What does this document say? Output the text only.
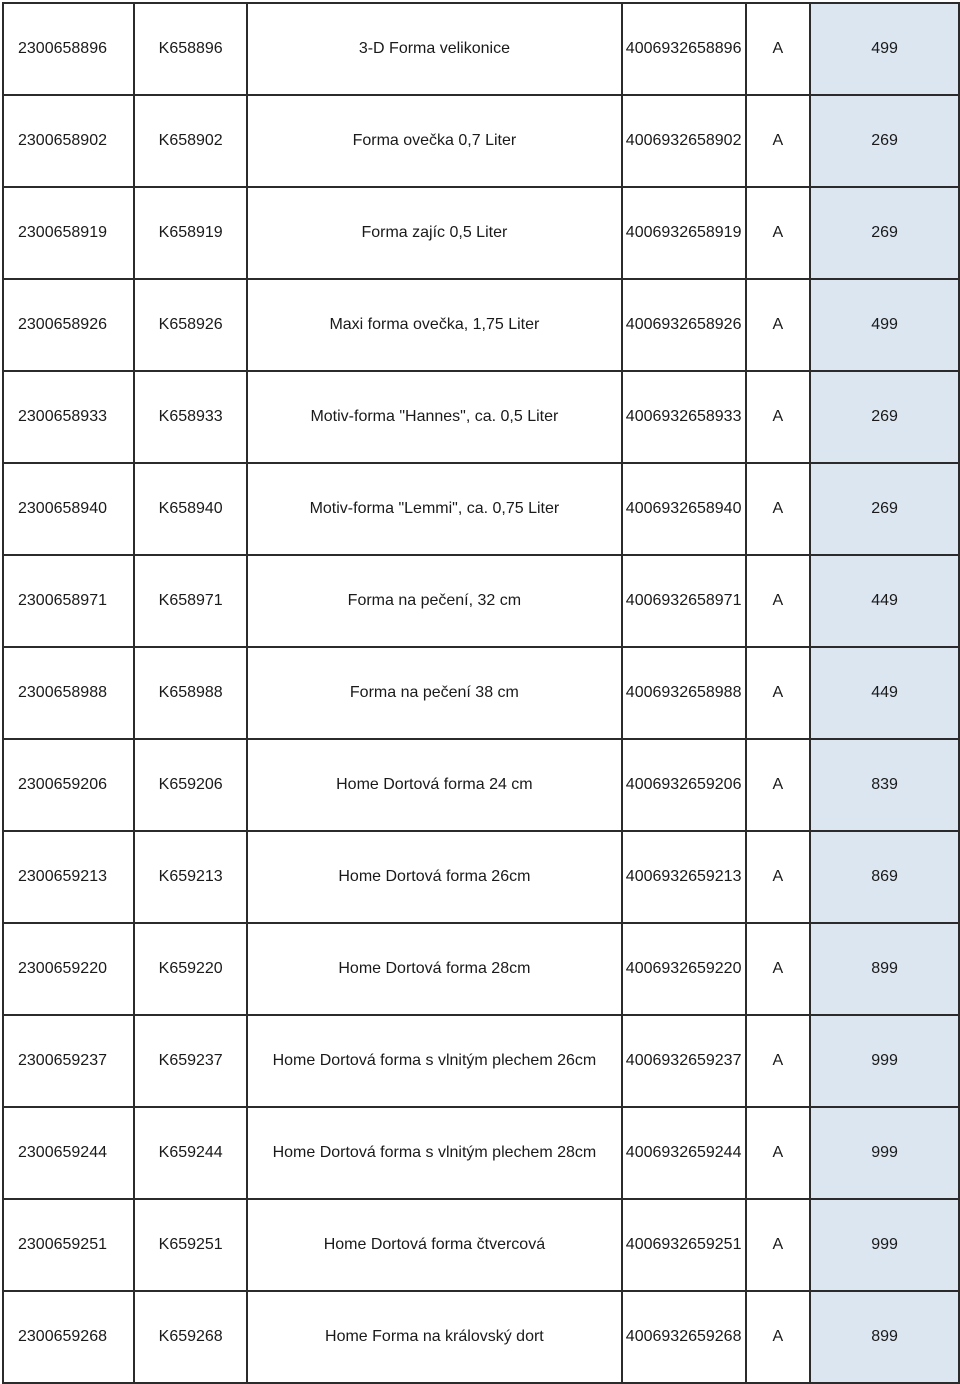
2300658896	K658896	3-D Forma velikonice	4006932658896	A	499
2300658902	K658902	Forma ovečka 0,7 Liter	4006932658902	A	269
2300658919	K658919	Forma zajíc 0,5 Liter	4006932658919	A	269
2300658926	K658926	Maxi forma ovečka, 1,75 Liter	4006932658926	A	499
2300658933	K658933	Motiv-forma "Hannes", ca. 0,5 Liter	4006932658933	A	269
2300658940	K658940	Motiv-forma "Lemmi", ca. 0,75 Liter	4006932658940	A	269
2300658971	K658971	Forma na pečení, 32 cm	4006932658971	A	449
2300658988	K658988	Forma na pečení 38 cm	4006932658988	A	449
2300659206	K659206	Home Dortová forma 24 cm	4006932659206	A	839
2300659213	K659213	Home Dortová forma 26cm	4006932659213	A	869
2300659220	K659220	Home Dortová forma 28cm	4006932659220	A	899
2300659237	K659237	Home Dortová forma s vlnitým plechem 26cm	4006932659237	A	999
2300659244	K659244	Home Dortová forma s vlnitým plechem 28cm	4006932659244	A	999
2300659251	K659251	Home Dortová forma čtvercová	4006932659251	A	999
2300659268	K659268	Home Forma na královský dort	4006932659268	A	899
